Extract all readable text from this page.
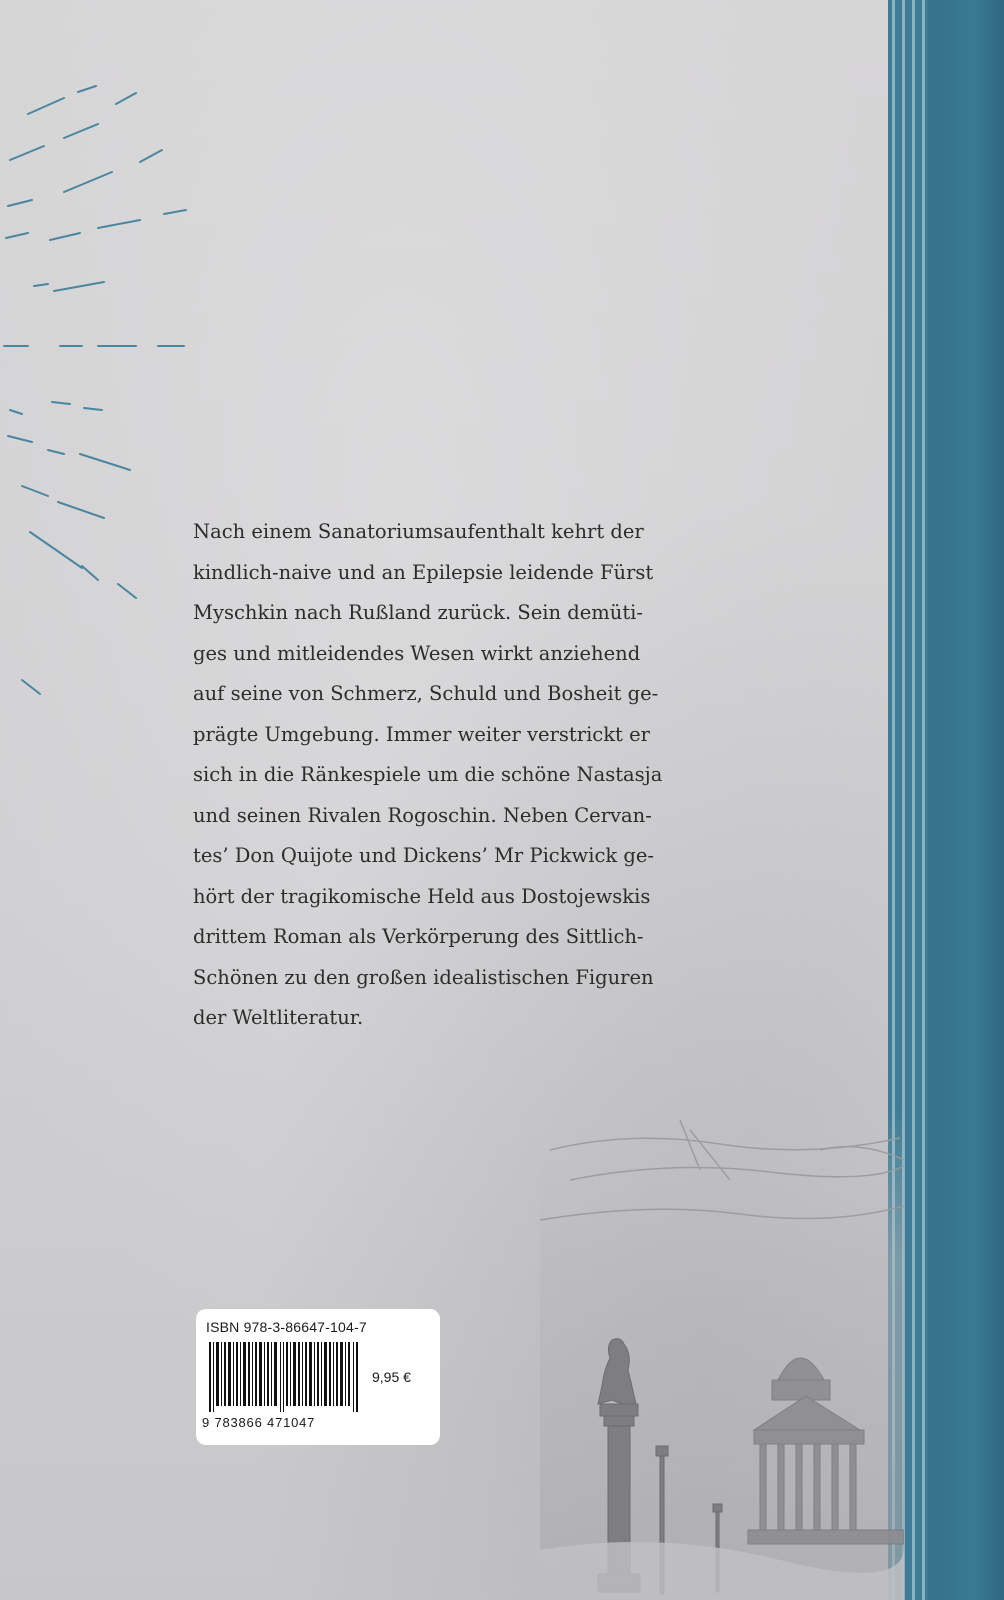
Nach einem Sanatoriumsaufenthalt kehrt der
kindlich-naive und an Epilepsie leidende Fürst
Myschkin nach Rußland zurück. Sein demüti-
ges und mitleidendes Wesen wirkt anziehend
auf seine von Schmerz, Schuld und Bosheit ge-
prägte Umgebung. Immer weiter verstrickt er
sich in die Ränkespiele um die schöne Nastasja
und seinen Rivalen Rogoschin. Neben Cervan-
tes’ Don Quijote und Dickens’ Mr Pickwick ge-
hört der tragikomische Held aus Dostojewskis
drittem Roman als Verkörperung des Sittlich-
Schönen zu den großen idealistischen Figuren
der Weltliteratur.
ISBN 978-3-86647-104-7
9,95 €
9 783866 471047
